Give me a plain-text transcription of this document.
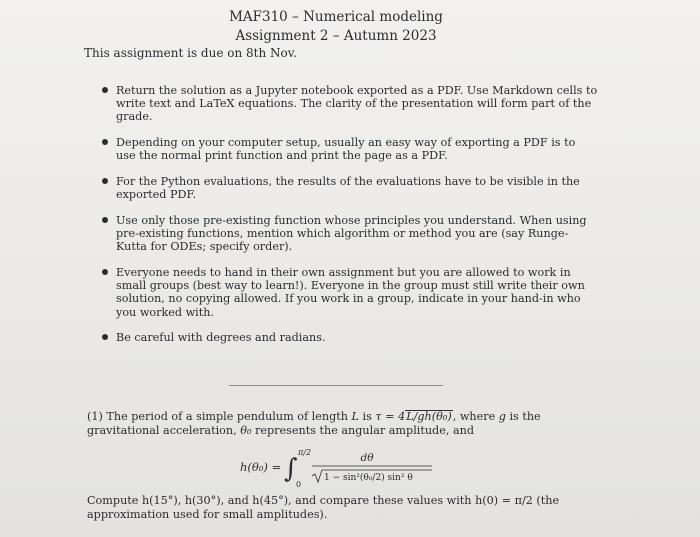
MAF310 – Numerical modeling
Assignment 2 – Autumn 2023
This assignment is due on 8th Nov.
Return the solution as a Jupyter notebook exported as a PDF. Use Markdown cells to write text and LaTeX equations. The clarity of the presentation will form part of the grade.
Depending on your computer setup, usually an easy way of exporting a PDF is to use the normal print function and print the page as a PDF.
For the Python evaluations, the results of the evaluations have to be visible in the exported PDF.
Use only those pre-existing function whose principles you understand. When using pre-existing functions, mention which algorithm or method you are (say Runge-Kutta for ODEs; specify order).
Everyone needs to hand in their own assignment but you are allowed to work in small groups (best way to learn!). Everyone in the group must still write their own solution, no copying allowed. If you work in a group, indicate in your hand-in who you worked with.
Be careful with degrees and radians.
(1) The period of a simple pendulum of length L is τ = 4L/gh(θ₀), where g is the gravitational acceleration, θ₀ represents the angular amplitude, and
h(θ₀) = ∫
π/2
0
dθ
1 − sin²(θ₀/2) sin² θ
Compute h(15°), h(30°), and h(45°), and compare these values with h(0) = π/2 (the approximation used for small amplitudes).
